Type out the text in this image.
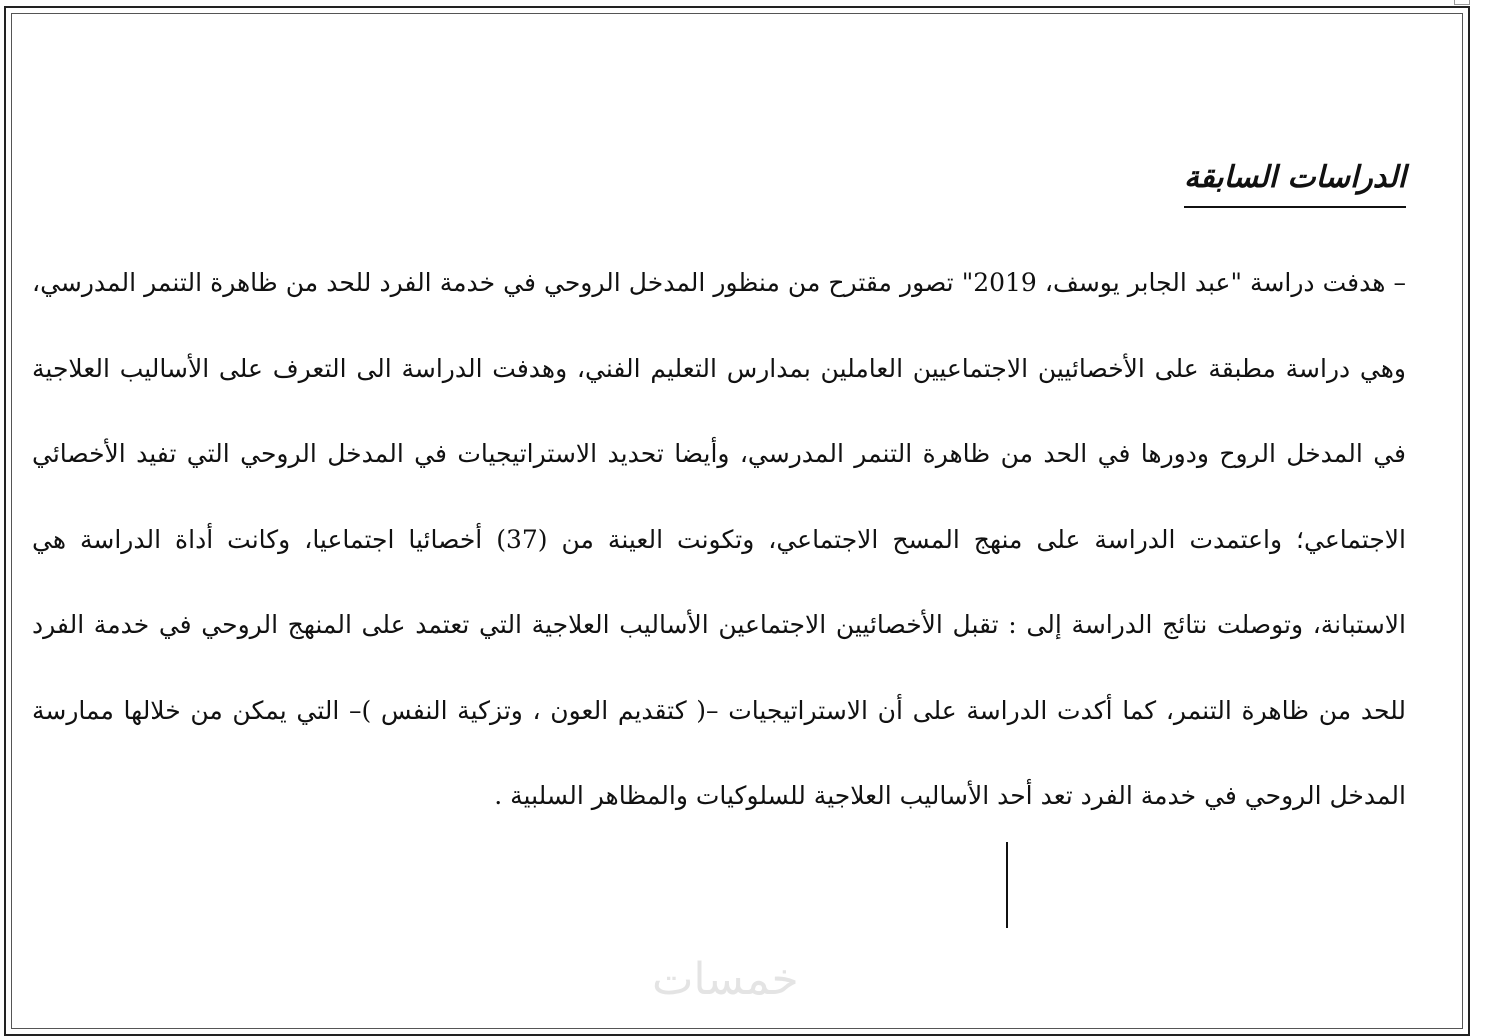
الدراسات السابقة

– هدفت دراسة "عبد الجابر يوسف، 2019" تصور مقترح من منظور المدخل الروحي في خدمة الفرد للحد من ظاهرة التنمر المدرسي، وهي دراسة مطبقة على الأخصائيين الاجتماعيين العاملين بمدارس التعليم الفني، وهدفت الدراسة الى التعرف على الأساليب العلاجية في المدخل الروح ودورها في الحد من ظاهرة التنمر المدرسي، وأيضا تحديد الاستراتيجيات في المدخل الروحي التي تفيد الأخصائي الاجتماعي؛ واعتمدت الدراسة على منهج المسح الاجتماعي، وتكونت العينة من (37) أخصائيا اجتماعيا، وكانت أداة الدراسة هي الاستبانة، وتوصلت نتائج الدراسة إلى : تقبل الأخصائيين الاجتماعين الأساليب العلاجية التي تعتمد على المنهج الروحي في خدمة الفرد للحد من ظاهرة التنمر، كما أكدت الدراسة على أن الاستراتيجيات –( كتقديم العون ، وتزكية النفس )– التي يمكن من خلالها ممارسة المدخل الروحي في خدمة الفرد تعد أحد الأساليب العلاجية للسلوكيات والمظاهر السلبية .

خمسات
